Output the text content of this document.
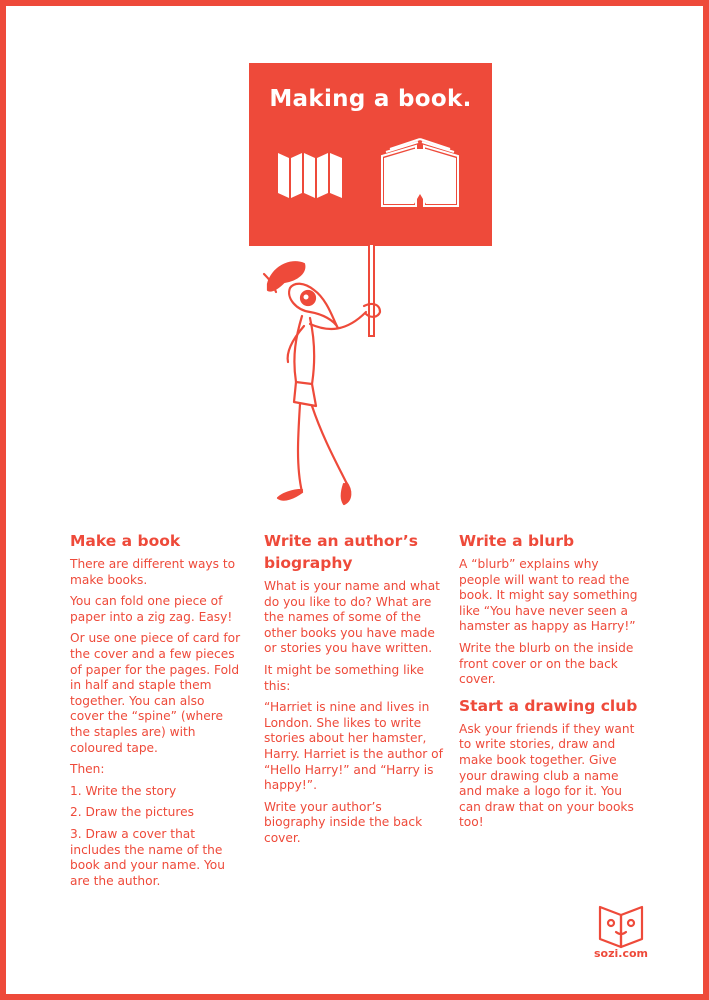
Making a book.
Make a book

There are different ways to make books.

You can fold one piece of paper into a zig zag. Easy!

Or use one piece of card for the cover and a few pieces of paper for the pages. Fold in half and staple them together. You can also cover the “spine” (where the staples are) with coloured tape.

Then:

1. Write the story

2. Draw the pictures

3. Draw a cover that includes the name of the book and your name. You are the author.

Write an author’s biography

What is your name and what do you like to do? What are the names of some of the other books you have made or stories you have written.

It might be something like this:

“Harriet is nine and lives in London. She likes to write stories about her hamster, Harry. Harriet is the author of “Hello Harry!” and “Harry is happy!”.

Write your author’s biography inside the back cover.

Write a blurb

A “blurb” explains why people will want to read the book. It might say something like “You have never seen a hamster as happy as Harry!”

Write the blurb on the inside front cover or on the back cover.

Start a drawing club

Ask your friends if they want to write stories, draw and make book together. Give your drawing club a name and make a logo for it. You can draw that on your books too!

sozi.com
